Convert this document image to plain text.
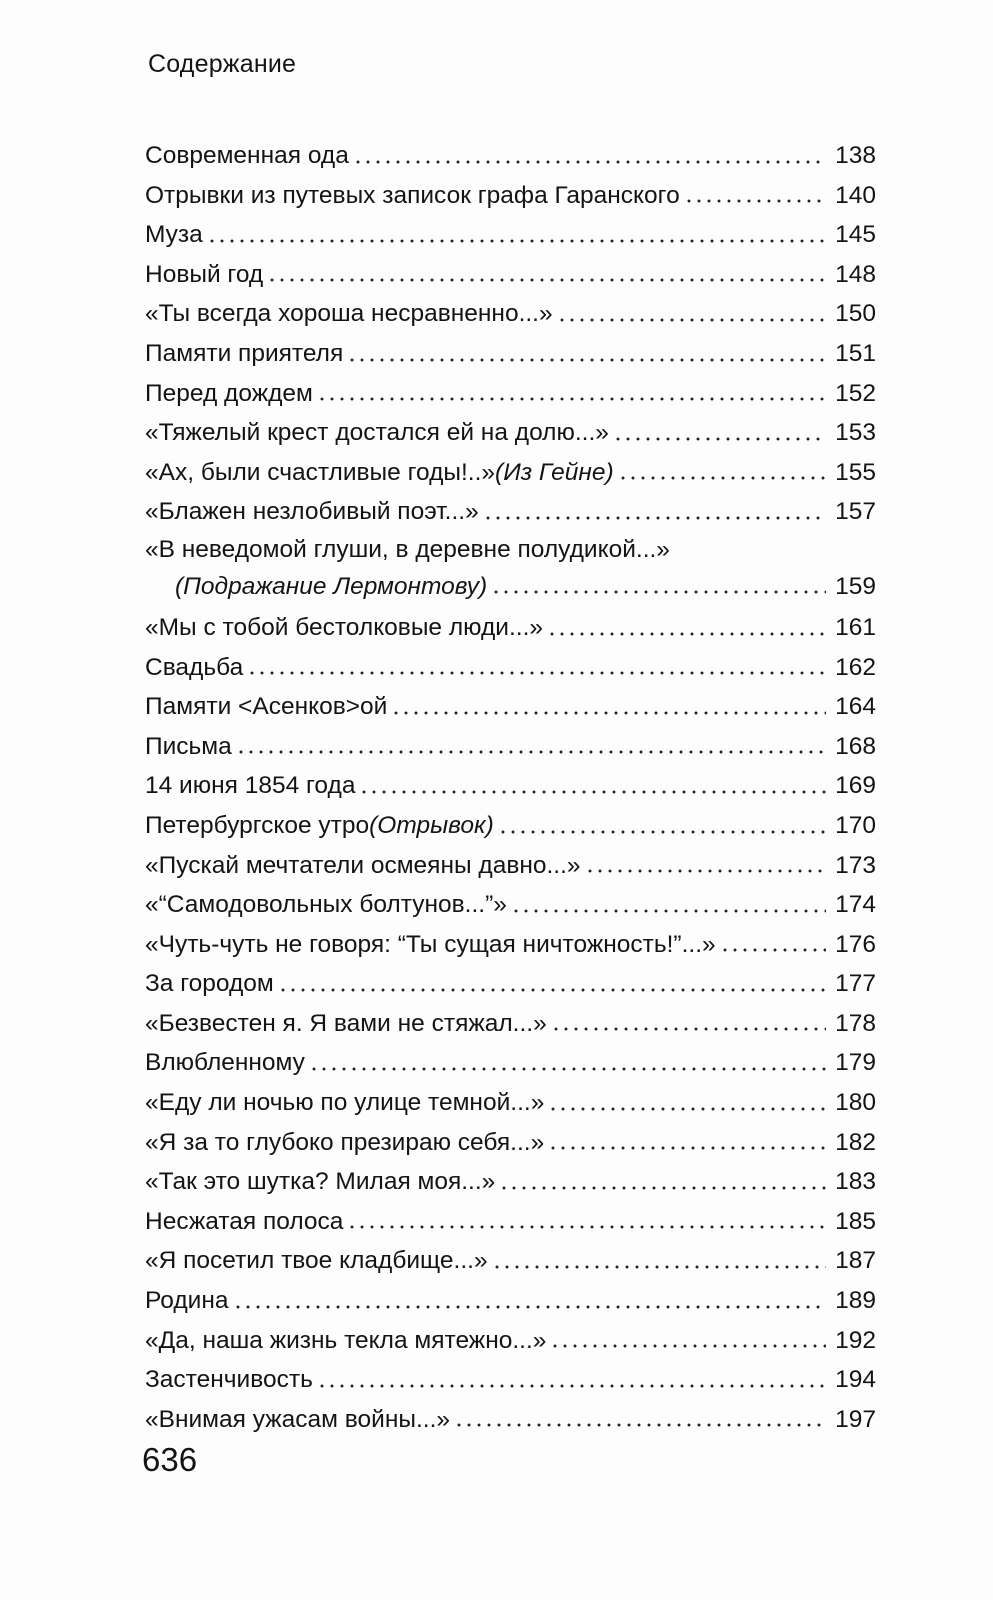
Содержание
Современная ода	138
Отрывки из путевых записок графа Гаранского	140
Муза	145
Новый год	148
«Ты всегда хороша несравненно...»	150
Памяти приятеля	151
Перед дождем	152
«Тяжелый крест достался ей на долю...»	153
«Ах, были счастливые годы!..» (Из Гейне)	155
«Блажен незлобивый поэт...»	157
«В неведомой глуши, в деревне полудикой...»
(Подражание Лермонтову)	159
«Мы с тобой бестолковые люди...»	161
Свадьба	162
Памяти <Асенков>ой	164
Письма	168
14 июня 1854 года	169
Петербургское утро (Отрывок)	170
«Пускай мечтатели осмеяны давно...»	173
«“Самодовольных болтунов...”»	174
«Чуть-чуть не говоря: “Ты сущая ничтожность!”...»	176
За городом	177
«Безвестен я. Я вами не стяжал...»	178
Влюбленному	179
«Еду ли ночью по улице темной...»	180
«Я за то глубоко презираю себя...»	182
«Так это шутка? Милая моя...»	183
Несжатая полоса	185
«Я посетил твое кладбище...»	187
Родина	189
«Да, наша жизнь текла мятежно...»	192
Застенчивость	194
«Внимая ужасам войны...»	197
636
